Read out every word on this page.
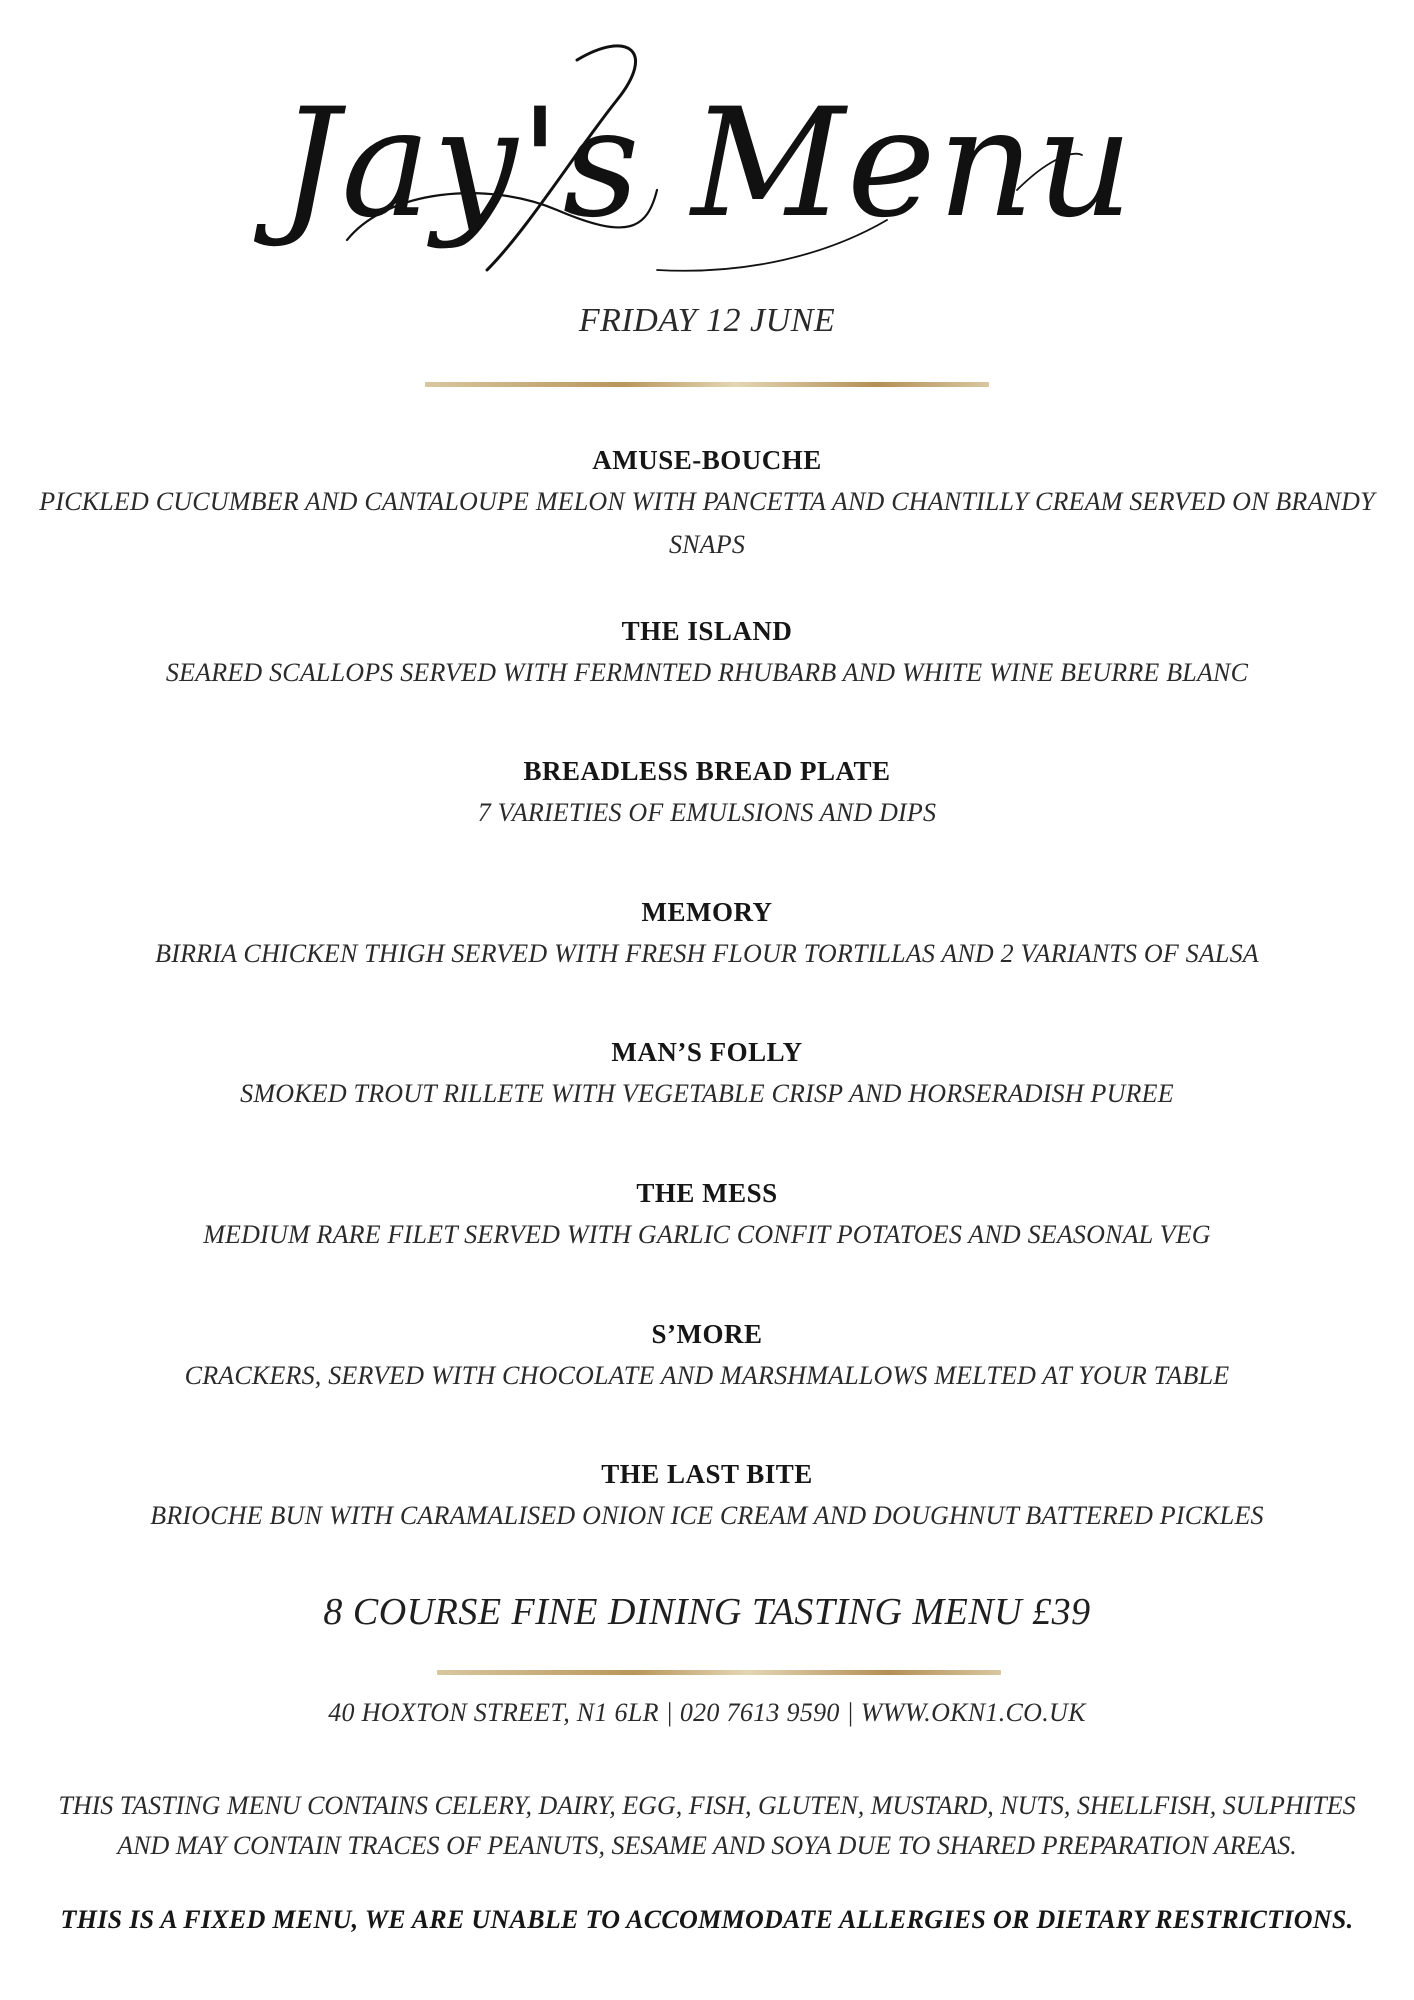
Jay's Menu
FRIDAY 12 JUNE
AMUSE-BOUCHE
PICKLED CUCUMBER AND CANTALOUPE MELON WITH PANCETTA AND CHANTILLY CREAM SERVED ON BRANDY SNAPS
THE ISLAND
SEARED SCALLOPS SERVED WITH FERMNTED RHUBARB AND WHITE WINE BEURRE BLANC
BREADLESS BREAD PLATE
7 VARIETIES OF EMULSIONS AND DIPS
MEMORY
BIRRIA CHICKEN THIGH SERVED WITH FRESH FLOUR TORTILLAS AND 2 VARIANTS OF SALSA
MAN’S FOLLY
SMOKED TROUT RILLETE WITH VEGETABLE CRISP AND HORSERADISH PUREE
THE MESS
MEDIUM RARE FILET SERVED WITH GARLIC CONFIT POTATOES AND SEASONAL VEG
S’MORE
CRACKERS, SERVED WITH CHOCOLATE AND MARSHMALLOWS MELTED AT YOUR TABLE
THE LAST BITE
BRIOCHE BUN WITH CARAMALISED ONION ICE CREAM AND DOUGHNUT BATTERED PICKLES
8 COURSE FINE DINING TASTING MENU £39
40 HOXTON STREET, N1 6LR | 020 7613 9590 | WWW.OKN1.CO.UK
THIS TASTING MENU CONTAINS CELERY, DAIRY, EGG, FISH, GLUTEN, MUSTARD, NUTS, SHELLFISH, SULPHITES AND MAY CONTAIN TRACES OF PEANUTS, SESAME AND SOYA DUE TO SHARED PREPARATION AREAS.
THIS IS A FIXED MENU, WE ARE UNABLE TO ACCOMMODATE ALLERGIES OR DIETARY RESTRICTIONS.
